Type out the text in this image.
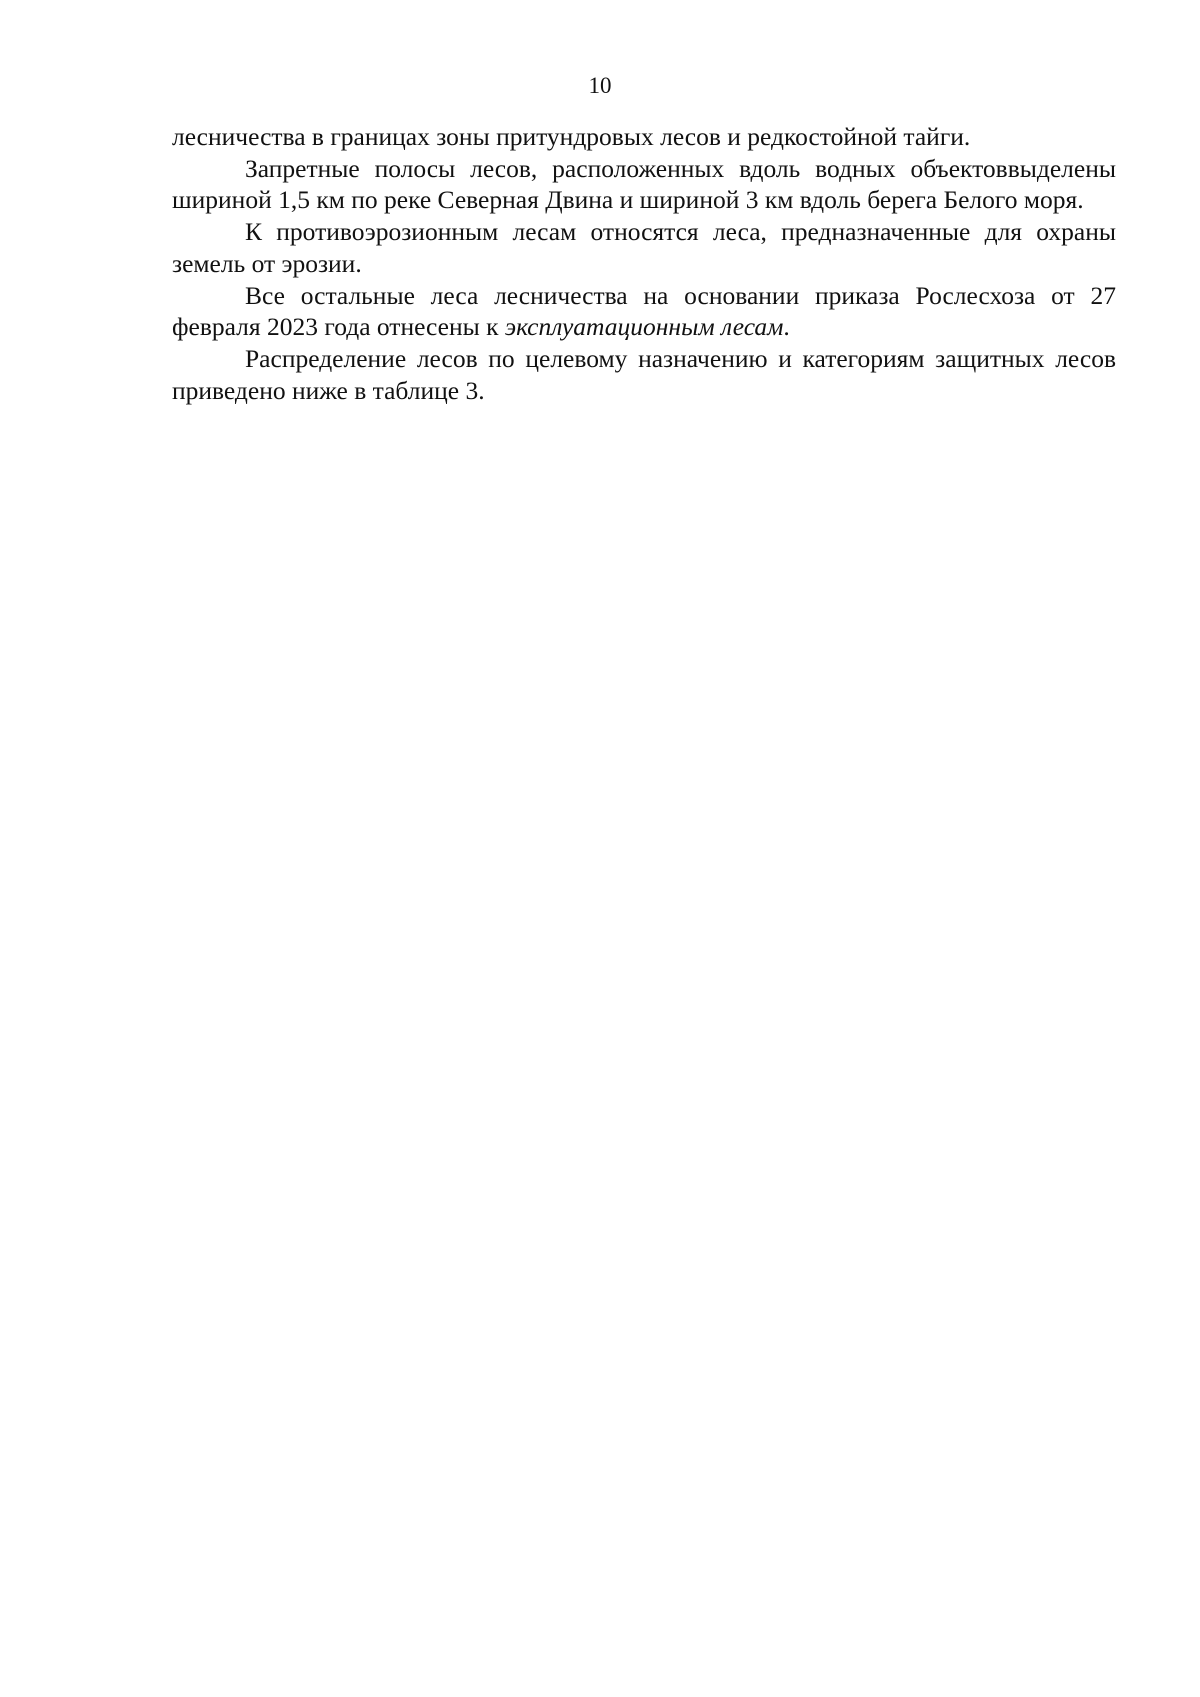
10

лесничества в границах зоны притундровых лесов и редкостойной тайги.

Запретные полосы лесов, расположенных вдоль водных объектоввыделены шириной 1,5 км по реке Северная Двина и шириной 3 км вдоль берега Белого моря.

К противоэрозионным лесам относятся леса, предназначенные для охраны земель от эрозии.

Все остальные леса лесничества на основании приказа Рослесхоза от 27 февраля 2023 года отнесены к эксплуатационным лесам.

Распределение лесов по целевому назначению и категориям защитных лесов приведено ниже в таблице 3.
